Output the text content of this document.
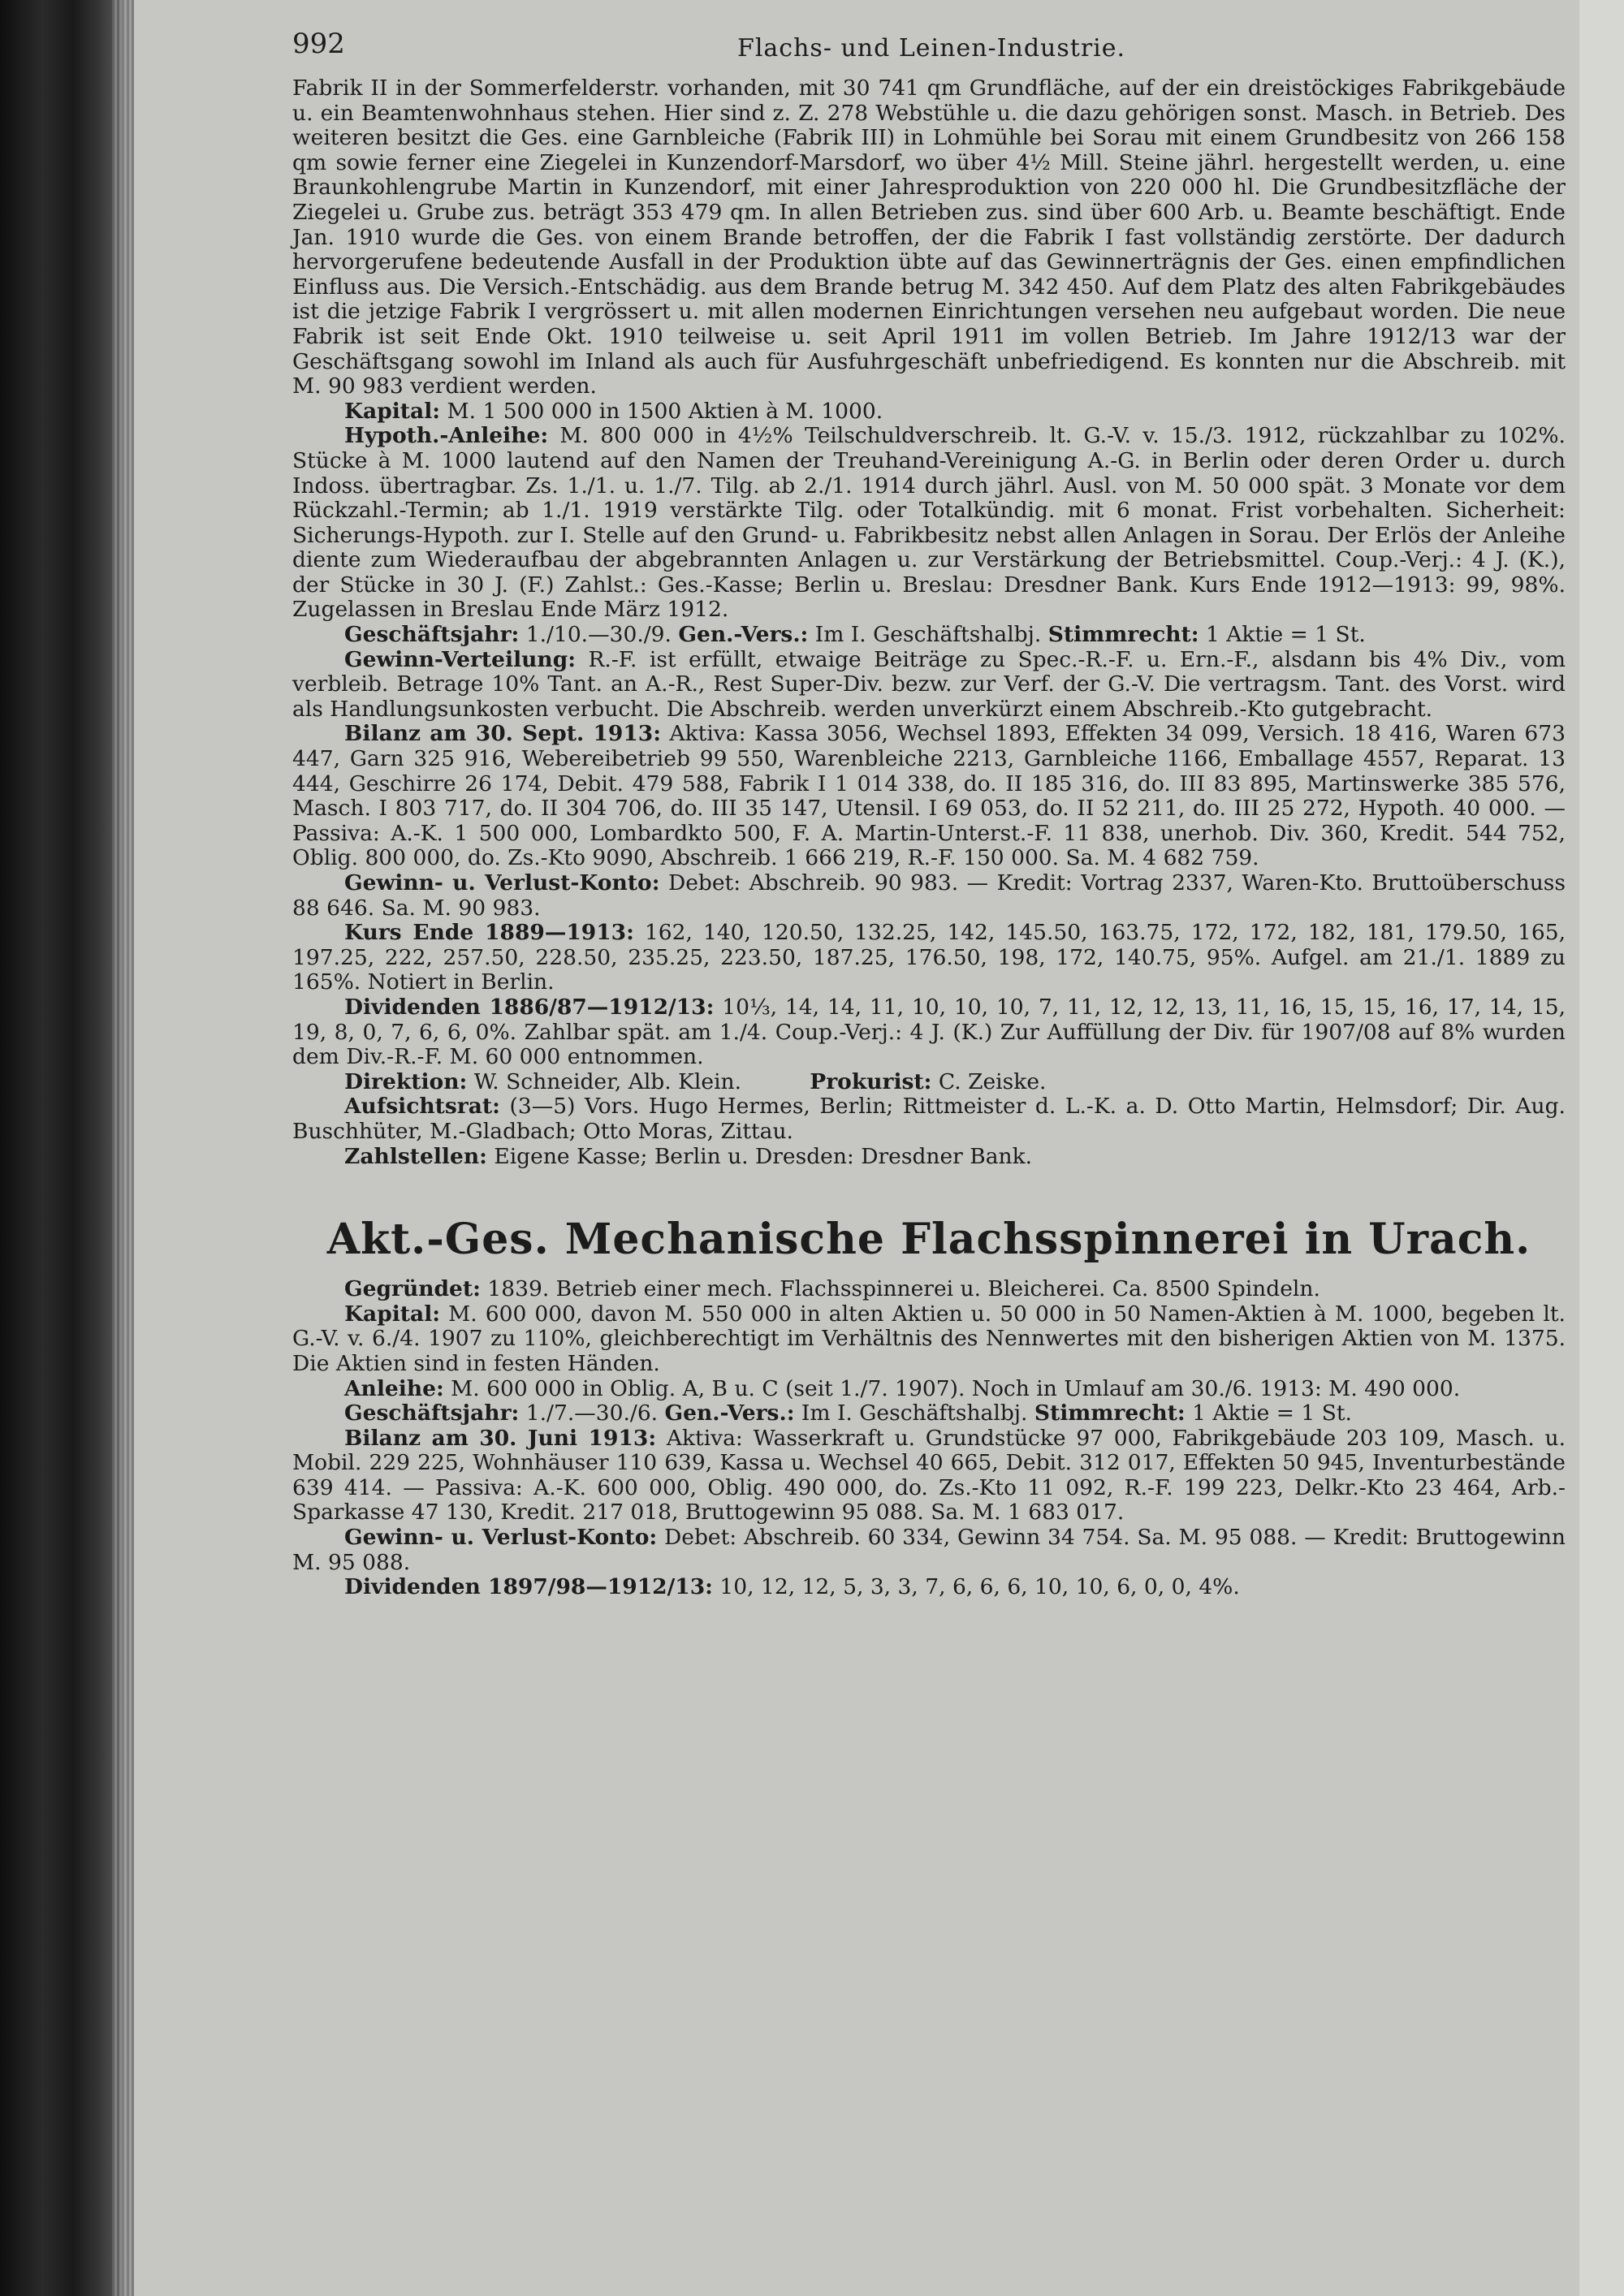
992	Flachs- und Leinen-Industrie.

Fabrik II in der Sommerfelderstr. vorhanden, mit 30 741 qm Grundfläche, auf der ein dreistöckiges Fabrikgebäude u. ein Beamtenwohnhaus stehen. Hier sind z. Z. 278 Webstühle u. die dazu gehörigen sonst. Masch. in Betrieb. Des weiteren besitzt die Ges. eine Garnbleiche (Fabrik III) in Lohmühle bei Sorau mit einem Grundbesitz von 266 158 qm sowie ferner eine Ziegelei in Kunzendorf-Marsdorf, wo über 4½ Mill. Steine jährl. hergestellt werden, u. eine Braunkohlengrube Martin in Kunzendorf, mit einer Jahresproduktion von 220 000 hl. Die Grundbesitzfläche der Ziegelei u. Grube zus. beträgt 353 479 qm. In allen Betrieben zus. sind über 600 Arb. u. Beamte beschäftigt. Ende Jan. 1910 wurde die Ges. von einem Brande betroffen, der die Fabrik I fast vollständig zerstörte. Der dadurch hervorgerufene bedeutende Ausfall in der Produktion übte auf das Gewinnerträgnis der Ges. einen empfindlichen Einfluss aus. Die Versich.-Entschädig. aus dem Brande betrug M. 342 450. Auf dem Platz des alten Fabrikgebäudes ist die jetzige Fabrik I vergrössert u. mit allen modernen Einrichtungen versehen neu aufgebaut worden. Die neue Fabrik ist seit Ende Okt. 1910 teilweise u. seit April 1911 im vollen Betrieb. Im Jahre 1912/13 war der Geschäftsgang sowohl im Inland als auch für Ausfuhrgeschäft unbefriedigend. Es konnten nur die Abschreib. mit M. 90 983 verdient werden.

Kapital: M. 1 500 000 in 1500 Aktien à M. 1000.

Hypoth.-Anleihe: M. 800 000 in 4½% Teilschuldverschreib. lt. G.-V. v. 15./3. 1912, rückzahlbar zu 102%. Stücke à M. 1000 lautend auf den Namen der Treuhand-Vereinigung A.-G. in Berlin oder deren Order u. durch Indoss. übertragbar. Zs. 1./1. u. 1./7. Tilg. ab 2./1. 1914 durch jährl. Ausl. von M. 50 000 spät. 3 Monate vor dem Rückzahl.-Termin; ab 1./1. 1919 verstärkte Tilg. oder Totalkündig. mit 6 monat. Frist vorbehalten. Sicherheit: Sicherungs-Hypoth. zur I. Stelle auf den Grund- u. Fabrikbesitz nebst allen Anlagen in Sorau. Der Erlös der Anleihe diente zum Wiederaufbau der abgebrannten Anlagen u. zur Verstärkung der Betriebsmittel. Coup.-Verj.: 4 J. (K.), der Stücke in 30 J. (F.) Zahlst.: Ges.-Kasse; Berlin u. Breslau: Dresdner Bank. Kurs Ende 1912—1913: 99, 98%. Zugelassen in Breslau Ende März 1912.

Geschäftsjahr: 1./10.—30./9. Gen.-Vers.: Im I. Geschäftshalbj. Stimmrecht: 1 Aktie = 1 St.

Gewinn-Verteilung: R.-F. ist erfüllt, etwaige Beiträge zu Spec.-R.-F. u. Ern.-F., alsdann bis 4% Div., vom verbleib. Betrage 10% Tant. an A.-R., Rest Super-Div. bezw. zur Verf. der G.-V. Die vertragsm. Tant. des Vorst. wird als Handlungsunkosten verbucht. Die Abschreib. werden unverkürzt einem Abschreib.-Kto gutgebracht.

Bilanz am 30. Sept. 1913: Aktiva: Kassa 3056, Wechsel 1893, Effekten 34 099, Versich. 18 416, Waren 673 447, Garn 325 916, Webereibetrieb 99 550, Warenbleiche 2213, Garnbleiche 1166, Emballage 4557, Reparat. 13 444, Geschirre 26 174, Debit. 479 588, Fabrik I 1 014 338, do. II 185 316, do. III 83 895, Martinswerke 385 576, Masch. I 803 717, do. II 304 706, do. III 35 147, Utensil. I 69 053, do. II 52 211, do. III 25 272, Hypoth. 40 000. — Passiva: A.-K. 1 500 000, Lombardkto 500, F. A. Martin-Unterst.-F. 11 838, unerhob. Div. 360, Kredit. 544 752, Oblig. 800 000, do. Zs.-Kto 9090, Abschreib. 1 666 219, R.-F. 150 000. Sa. M. 4 682 759.

Gewinn- u. Verlust-Konto: Debet: Abschreib. 90 983. — Kredit: Vortrag 2337, Waren-Kto. Bruttoüberschuss 88 646. Sa. M. 90 983.

Kurs Ende 1889—1913: 162, 140, 120.50, 132.25, 142, 145.50, 163.75, 172, 172, 182, 181, 179.50, 165, 197.25, 222, 257.50, 228.50, 235.25, 223.50, 187.25, 176.50, 198, 172, 140.75, 95%. Aufgel. am 21./1. 1889 zu 165%. Notiert in Berlin.

Dividenden 1886/87—1912/13: 10⅓, 14, 14, 11, 10, 10, 10, 7, 11, 12, 12, 13, 11, 16, 15, 15, 16, 17, 14, 15, 19, 8, 0, 7, 6, 6, 0%. Zahlbar spät. am 1./4. Coup.-Verj.: 4 J. (K.) Zur Auffüllung der Div. für 1907/08 auf 8% wurden dem Div.-R.-F. M. 60 000 entnommen.

Direktion: W. Schneider, Alb. Klein.	Prokurist: C. Zeiske.

Aufsichtsrat: (3—5) Vors. Hugo Hermes, Berlin; Rittmeister d. L.-K. a. D. Otto Martin, Helmsdorf; Dir. Aug. Buschhüter, M.-Gladbach; Otto Moras, Zittau.

Zahlstellen: Eigene Kasse; Berlin u. Dresden: Dresdner Bank.

Akt.-Ges. Mechanische Flachsspinnerei in Urach.

Gegründet: 1839. Betrieb einer mech. Flachsspinnerei u. Bleicherei. Ca. 8500 Spindeln.

Kapital: M. 600 000, davon M. 550 000 in alten Aktien u. 50 000 in 50 Namen-Aktien à M. 1000, begeben lt. G.-V. v. 6./4. 1907 zu 110%, gleichberechtigt im Verhältnis des Nennwertes mit den bisherigen Aktien von M. 1375. Die Aktien sind in festen Händen.

Anleihe: M. 600 000 in Oblig. A, B u. C (seit 1./7. 1907). Noch in Umlauf am 30./6. 1913: M. 490 000.

Geschäftsjahr: 1./7.—30./6. Gen.-Vers.: Im I. Geschäftshalbj. Stimmrecht: 1 Aktie = 1 St.

Bilanz am 30. Juni 1913: Aktiva: Wasserkraft u. Grundstücke 97 000, Fabrikgebäude 203 109, Masch. u. Mobil. 229 225, Wohnhäuser 110 639, Kassa u. Wechsel 40 665, Debit. 312 017, Effekten 50 945, Inventurbestände 639 414. — Passiva: A.-K. 600 000, Oblig. 490 000, do. Zs.-Kto 11 092, R.-F. 199 223, Delkr.-Kto 23 464, Arb.-Sparkasse 47 130, Kredit. 217 018, Bruttogewinn 95 088. Sa. M. 1 683 017.

Gewinn- u. Verlust-Konto: Debet: Abschreib. 60 334, Gewinn 34 754. Sa. M. 95 088. — Kredit: Bruttogewinn M. 95 088.

Dividenden 1897/98—1912/13: 10, 12, 12, 5, 3, 3, 7, 6, 6, 6, 10, 10, 6, 0, 0, 4%.
